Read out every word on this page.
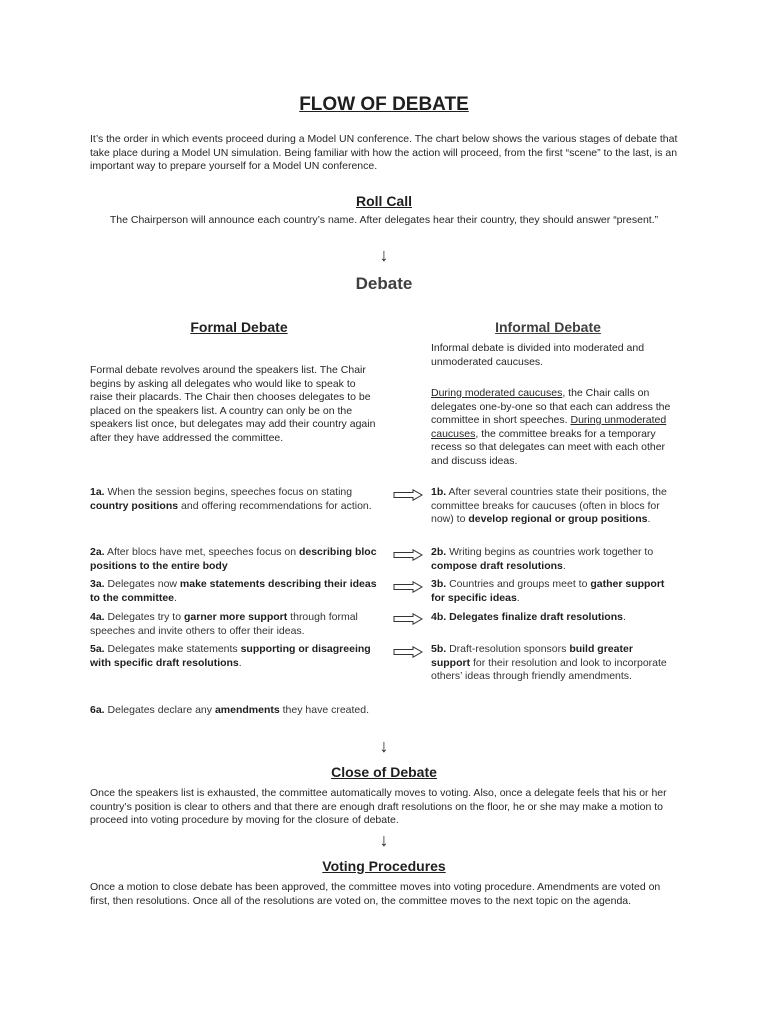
FLOW OF DEBATE
It’s the order in which events proceed during a Model UN conference. The chart below shows the various stages of debate that take place during a Model UN simulation. Being familiar with how the action will proceed, from the first “scene” to the last, is an important way to prepare yourself for a Model UN conference.
Roll Call
The Chairperson will announce each country’s name. After delegates hear their country, they should answer “present.”
↓
Debate
Formal Debate	Informal Debate
Formal debate revolves around the speakers list. The Chair begins by asking all delegates who would like to speak to raise their placards. The Chair then chooses delegates to be placed on the speakers list. A country can only be on the speakers list once, but delegates may add their country again after they have addressed the committee.
Informal debate is divided into moderated and unmoderated caucuses.
During moderated caucuses, the Chair calls on delegates one-by-one so that each can address the committee in short speeches. During unmoderated caucuses, the committee breaks for a temporary recess so that delegates can meet with each other and discuss ideas.
1a. When the session begins, speeches focus on stating country positions and offering recommendations for action.
1b. After several countries state their positions, the committee breaks for caucuses (often in blocs for now) to develop regional or group positions.
2a. After blocs have met, speeches focus on describing bloc positions to the entire body
2b. Writing begins as countries work together to compose draft resolutions.
3a. Delegates now make statements describing their ideas to the committee.
3b. Countries and groups meet to gather support for specific ideas.
4a. Delegates try to garner more support through formal speeches and invite others to offer their ideas.
4b. Delegates finalize draft resolutions.
5a. Delegates make statements supporting or disagreeing with specific draft resolutions.
5b. Draft-resolution sponsors build greater support for their resolution and look to incorporate others’ ideas through friendly amendments.
6a. Delegates declare any amendments they have created.
↓
Close of Debate
Once the speakers list is exhausted, the committee automatically moves to voting. Also, once a delegate feels that his or her country’s position is clear to others and that there are enough draft resolutions on the floor, he or she may make a motion to proceed into voting procedure by moving for the closure of debate.
↓
Voting Procedures
Once a motion to close debate has been approved, the committee moves into voting procedure. Amendments are voted on first, then resolutions. Once all of the resolutions are voted on, the committee moves to the next topic on the agenda.
